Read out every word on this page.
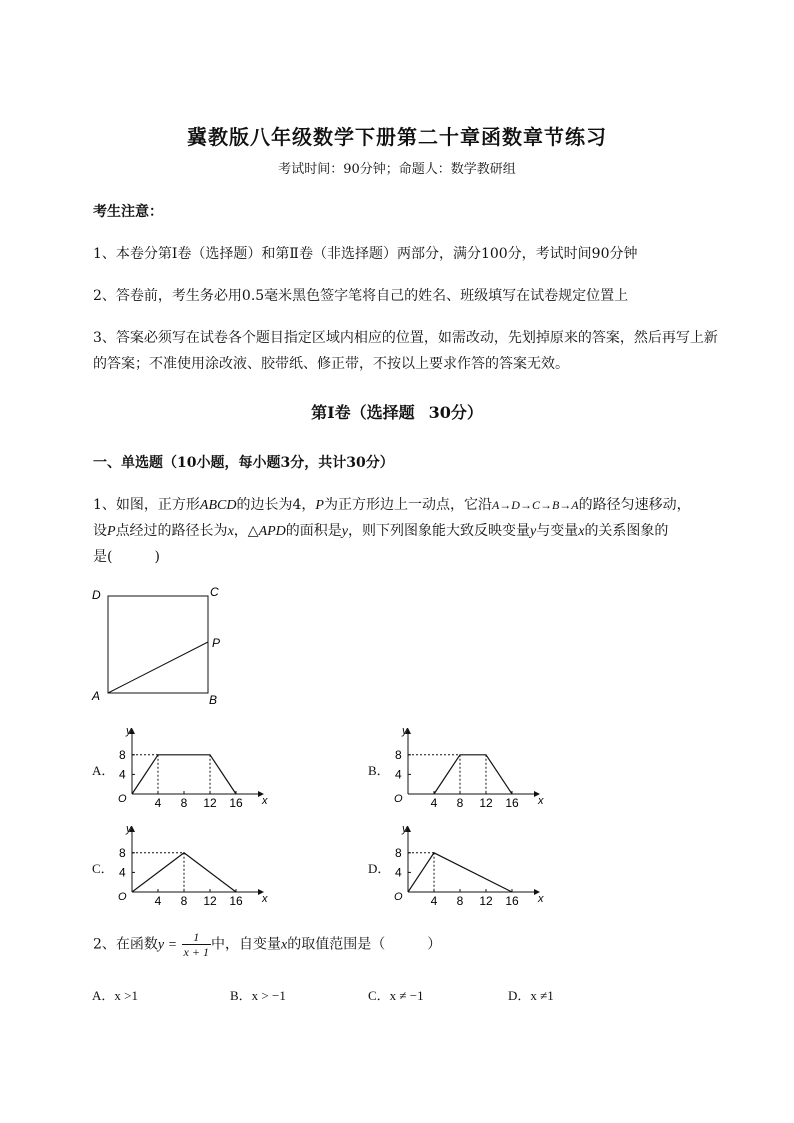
冀教版八年级数学下册第二十章函数章节练习
考试时间：90分钟；命题人：数学教研组
考生注意：
1、本卷分第I卷（选择题）和第Ⅱ卷（非选择题）两部分，满分100分，考试时间90分钟
2、答卷前，考生务必用0.5毫米黑色签字笔将自己的姓名、班级填写在试卷规定位置上
3、答案必须写在试卷各个题目指定区域内相应的位置，如需改动，先划掉原来的答案，然后再写上新
的答案；不准使用涂改液、胶带纸、修正带，不按以上要求作答的答案无效。
第I卷（选择题 30分）
一、单选题（10小题，每小题3分，共计30分）
1、如图，正方形ABCD的边长为4，P为正方形边上一动点，它沿A→D→C→B→A的路径匀速移动，
设P点经过的路径长为x，△APD的面积是y，则下列图象能大致反映变量y与变量x的关系图象的
是(　　　)
D	C
P
A	B
A．	B．
C．	D．
y
x
O
4
8
4 8 12 16
y
x
O
4
8
4 8 12 16
y
x
O
4
8
4 8 12 16
y
x
O
4
8
4 8 12 16
2、在函数$y = \frac{1}{x + 1}$ 中，自变量x的取值范围是（　　　）
A．x >1	B．x > −1	C．x ≠ −1	D．x ≠1
